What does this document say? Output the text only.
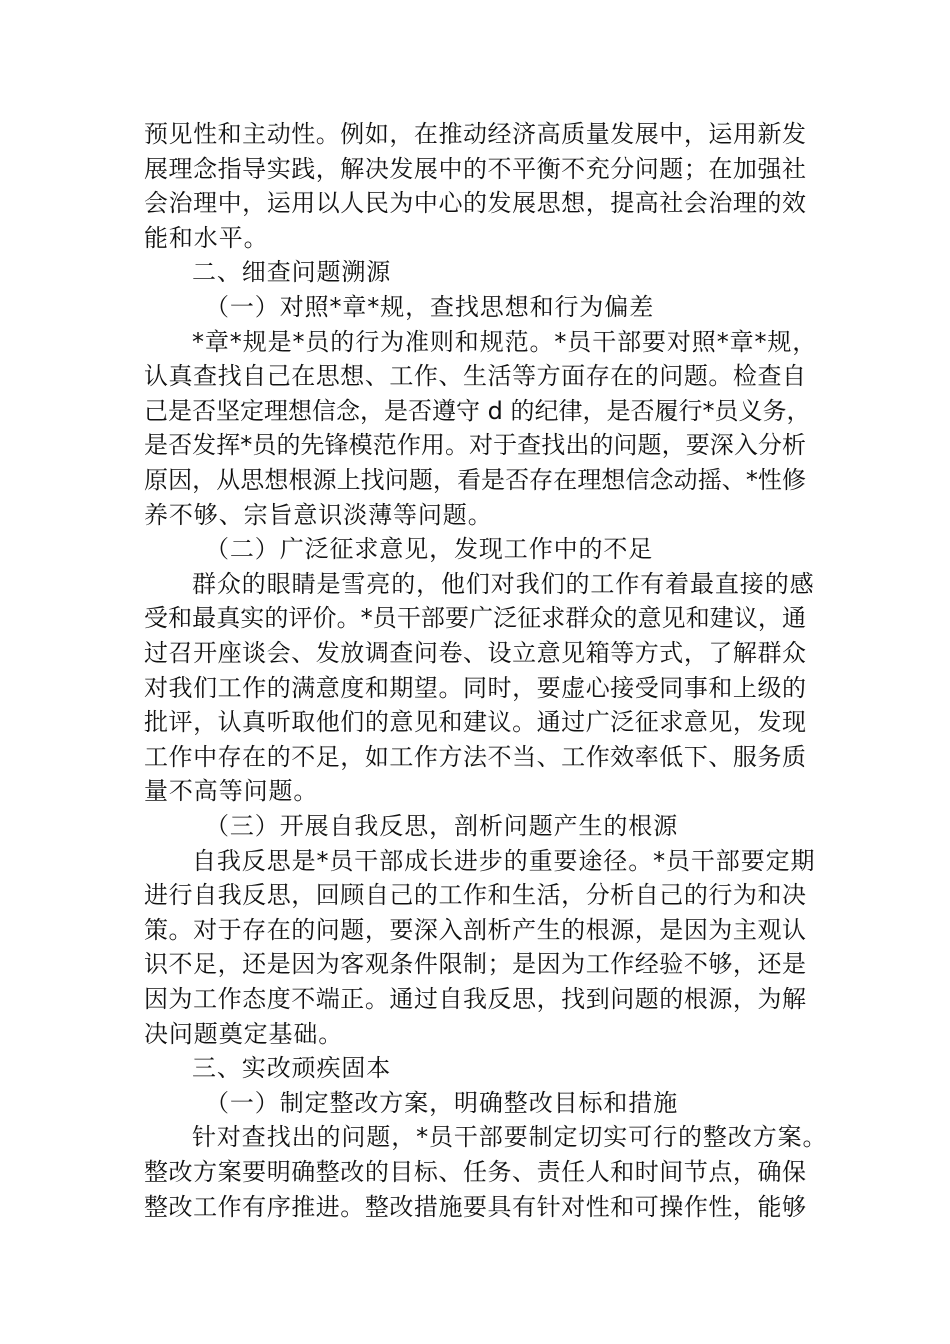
预见性和主动性。例如，在推动经济高质量发展中，运用新发
展理念指导实践，解决发展中的不平衡不充分问题；在加强社
会治理中，运用以人民为中心的发展思想，提高社会治理的效
能和水平。
二、细查问题溯源
（一）对照*章*规，查找思想和行为偏差
*章*规是*员的行为准则和规范。*员干部要对照*章*规，
认真查找自己在思想、工作、生活等方面存在的问题。检查自
己是否坚定理想信念，是否遵守 d 的纪律，是否履行*员义务，
是否发挥*员的先锋模范作用。对于查找出的问题，要深入分析
原因，从思想根源上找问题，看是否存在理想信念动摇、*性修
养不够、宗旨意识淡薄等问题。
（二）广泛征求意见，发现工作中的不足
群众的眼睛是雪亮的，他们对我们的工作有着最直接的感
受和最真实的评价。*员干部要广泛征求群众的意见和建议，通
过召开座谈会、发放调查问卷、设立意见箱等方式，了解群众
对我们工作的满意度和期望。同时，要虚心接受同事和上级的
批评，认真听取他们的意见和建议。通过广泛征求意见，发现
工作中存在的不足，如工作方法不当、工作效率低下、服务质
量不高等问题。
（三）开展自我反思，剖析问题产生的根源
自我反思是*员干部成长进步的重要途径。*员干部要定期
进行自我反思，回顾自己的工作和生活，分析自己的行为和决
策。对于存在的问题，要深入剖析产生的根源，是因为主观认
识不足，还是因为客观条件限制；是因为工作经验不够，还是
因为工作态度不端正。通过自我反思，找到问题的根源，为解
决问题奠定基础。
三、实改顽疾固本
（一）制定整改方案，明确整改目标和措施
针对查找出的问题，*员干部要制定切实可行的整改方案。
整改方案要明确整改的目标、任务、责任人和时间节点，确保
整改工作有序推进。整改措施要具有针对性和可操作性，能够
